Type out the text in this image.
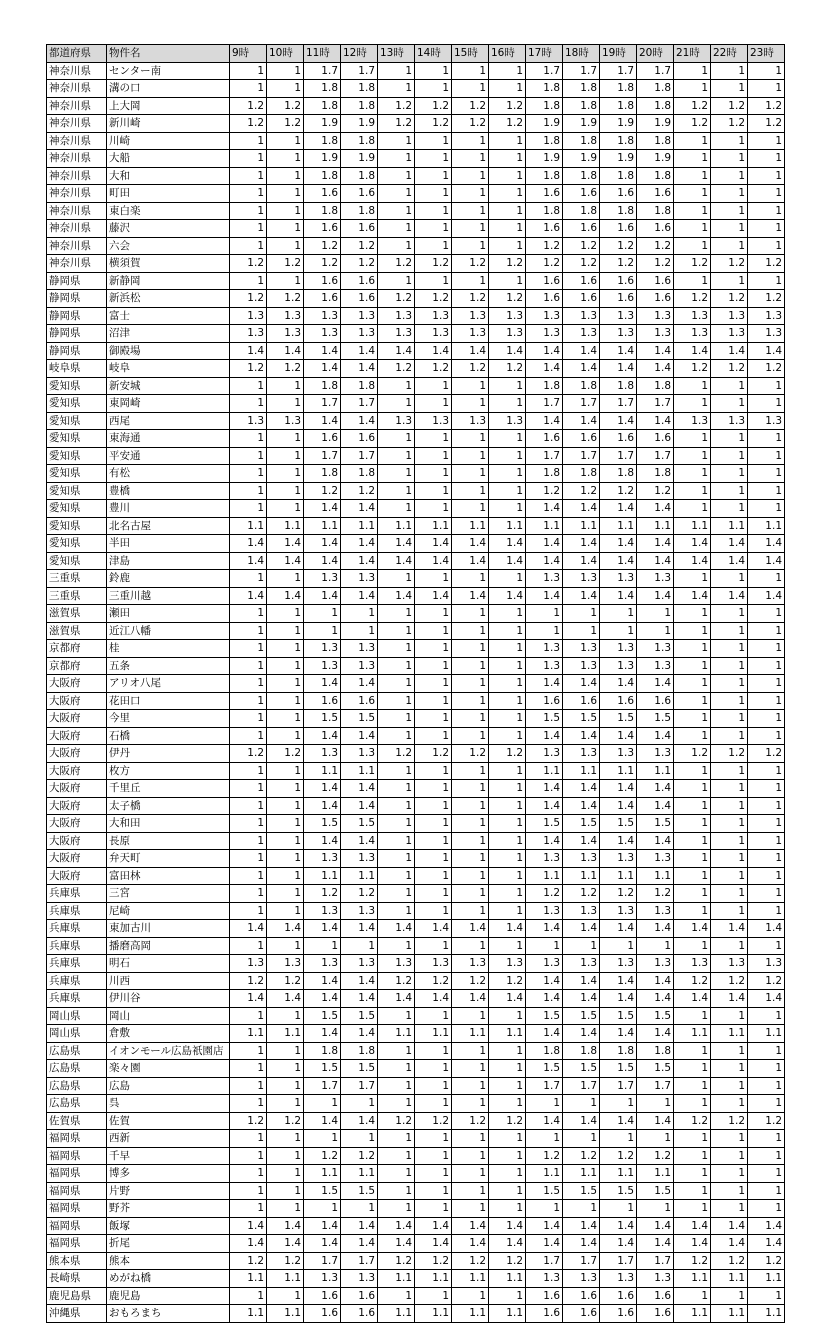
都道府県	物件名	9時	10時	11時	12時	13時	14時	15時	16時	17時	18時	19時	20時	21時	22時	23時
神奈川県	センター南	1	1	1.7	1.7	1	1	1	1	1.7	1.7	1.7	1.7	1	1	1
神奈川県	溝の口	1	1	1.8	1.8	1	1	1	1	1.8	1.8	1.8	1.8	1	1	1
神奈川県	上大岡	1.2	1.2	1.8	1.8	1.2	1.2	1.2	1.2	1.8	1.8	1.8	1.8	1.2	1.2	1.2
神奈川県	新川崎	1.2	1.2	1.9	1.9	1.2	1.2	1.2	1.2	1.9	1.9	1.9	1.9	1.2	1.2	1.2
神奈川県	川崎	1	1	1.8	1.8	1	1	1	1	1.8	1.8	1.8	1.8	1	1	1
神奈川県	大船	1	1	1.9	1.9	1	1	1	1	1.9	1.9	1.9	1.9	1	1	1
神奈川県	大和	1	1	1.8	1.8	1	1	1	1	1.8	1.8	1.8	1.8	1	1	1
神奈川県	町田	1	1	1.6	1.6	1	1	1	1	1.6	1.6	1.6	1.6	1	1	1
神奈川県	東白楽	1	1	1.8	1.8	1	1	1	1	1.8	1.8	1.8	1.8	1	1	1
神奈川県	藤沢	1	1	1.6	1.6	1	1	1	1	1.6	1.6	1.6	1.6	1	1	1
神奈川県	六会	1	1	1.2	1.2	1	1	1	1	1.2	1.2	1.2	1.2	1	1	1
神奈川県	横須賀	1.2	1.2	1.2	1.2	1.2	1.2	1.2	1.2	1.2	1.2	1.2	1.2	1.2	1.2	1.2
静岡県	新静岡	1	1	1.6	1.6	1	1	1	1	1.6	1.6	1.6	1.6	1	1	1
静岡県	新浜松	1.2	1.2	1.6	1.6	1.2	1.2	1.2	1.2	1.6	1.6	1.6	1.6	1.2	1.2	1.2
静岡県	富士	1.3	1.3	1.3	1.3	1.3	1.3	1.3	1.3	1.3	1.3	1.3	1.3	1.3	1.3	1.3
静岡県	沼津	1.3	1.3	1.3	1.3	1.3	1.3	1.3	1.3	1.3	1.3	1.3	1.3	1.3	1.3	1.3
静岡県	御殿場	1.4	1.4	1.4	1.4	1.4	1.4	1.4	1.4	1.4	1.4	1.4	1.4	1.4	1.4	1.4
岐阜県	岐阜	1.2	1.2	1.4	1.4	1.2	1.2	1.2	1.2	1.4	1.4	1.4	1.4	1.2	1.2	1.2
愛知県	新安城	1	1	1.8	1.8	1	1	1	1	1.8	1.8	1.8	1.8	1	1	1
愛知県	東岡崎	1	1	1.7	1.7	1	1	1	1	1.7	1.7	1.7	1.7	1	1	1
愛知県	西尾	1.3	1.3	1.4	1.4	1.3	1.3	1.3	1.3	1.4	1.4	1.4	1.4	1.3	1.3	1.3
愛知県	東海通	1	1	1.6	1.6	1	1	1	1	1.6	1.6	1.6	1.6	1	1	1
愛知県	平安通	1	1	1.7	1.7	1	1	1	1	1.7	1.7	1.7	1.7	1	1	1
愛知県	有松	1	1	1.8	1.8	1	1	1	1	1.8	1.8	1.8	1.8	1	1	1
愛知県	豊橋	1	1	1.2	1.2	1	1	1	1	1.2	1.2	1.2	1.2	1	1	1
愛知県	豊川	1	1	1.4	1.4	1	1	1	1	1.4	1.4	1.4	1.4	1	1	1
愛知県	北名古屋	1.1	1.1	1.1	1.1	1.1	1.1	1.1	1.1	1.1	1.1	1.1	1.1	1.1	1.1	1.1
愛知県	半田	1.4	1.4	1.4	1.4	1.4	1.4	1.4	1.4	1.4	1.4	1.4	1.4	1.4	1.4	1.4
愛知県	津島	1.4	1.4	1.4	1.4	1.4	1.4	1.4	1.4	1.4	1.4	1.4	1.4	1.4	1.4	1.4
三重県	鈴鹿	1	1	1.3	1.3	1	1	1	1	1.3	1.3	1.3	1.3	1	1	1
三重県	三重川越	1.4	1.4	1.4	1.4	1.4	1.4	1.4	1.4	1.4	1.4	1.4	1.4	1.4	1.4	1.4
滋賀県	瀬田	1	1	1	1	1	1	1	1	1	1	1	1	1	1	1
滋賀県	近江八幡	1	1	1	1	1	1	1	1	1	1	1	1	1	1	1
京都府	桂	1	1	1.3	1.3	1	1	1	1	1.3	1.3	1.3	1.3	1	1	1
京都府	五条	1	1	1.3	1.3	1	1	1	1	1.3	1.3	1.3	1.3	1	1	1
大阪府	アリオ八尾	1	1	1.4	1.4	1	1	1	1	1.4	1.4	1.4	1.4	1	1	1
大阪府	花田口	1	1	1.6	1.6	1	1	1	1	1.6	1.6	1.6	1.6	1	1	1
大阪府	今里	1	1	1.5	1.5	1	1	1	1	1.5	1.5	1.5	1.5	1	1	1
大阪府	石橋	1	1	1.4	1.4	1	1	1	1	1.4	1.4	1.4	1.4	1	1	1
大阪府	伊丹	1.2	1.2	1.3	1.3	1.2	1.2	1.2	1.2	1.3	1.3	1.3	1.3	1.2	1.2	1.2
大阪府	枚方	1	1	1.1	1.1	1	1	1	1	1.1	1.1	1.1	1.1	1	1	1
大阪府	千里丘	1	1	1.4	1.4	1	1	1	1	1.4	1.4	1.4	1.4	1	1	1
大阪府	太子橋	1	1	1.4	1.4	1	1	1	1	1.4	1.4	1.4	1.4	1	1	1
大阪府	大和田	1	1	1.5	1.5	1	1	1	1	1.5	1.5	1.5	1.5	1	1	1
大阪府	長原	1	1	1.4	1.4	1	1	1	1	1.4	1.4	1.4	1.4	1	1	1
大阪府	弁天町	1	1	1.3	1.3	1	1	1	1	1.3	1.3	1.3	1.3	1	1	1
大阪府	富田林	1	1	1.1	1.1	1	1	1	1	1.1	1.1	1.1	1.1	1	1	1
兵庫県	三宮	1	1	1.2	1.2	1	1	1	1	1.2	1.2	1.2	1.2	1	1	1
兵庫県	尼崎	1	1	1.3	1.3	1	1	1	1	1.3	1.3	1.3	1.3	1	1	1
兵庫県	東加古川	1.4	1.4	1.4	1.4	1.4	1.4	1.4	1.4	1.4	1.4	1.4	1.4	1.4	1.4	1.4
兵庫県	播磨高岡	1	1	1	1	1	1	1	1	1	1	1	1	1	1	1
兵庫県	明石	1.3	1.3	1.3	1.3	1.3	1.3	1.3	1.3	1.3	1.3	1.3	1.3	1.3	1.3	1.3
兵庫県	川西	1.2	1.2	1.4	1.4	1.2	1.2	1.2	1.2	1.4	1.4	1.4	1.4	1.2	1.2	1.2
兵庫県	伊川谷	1.4	1.4	1.4	1.4	1.4	1.4	1.4	1.4	1.4	1.4	1.4	1.4	1.4	1.4	1.4
岡山県	岡山	1	1	1.5	1.5	1	1	1	1	1.5	1.5	1.5	1.5	1	1	1
岡山県	倉敷	1.1	1.1	1.4	1.4	1.1	1.1	1.1	1.1	1.4	1.4	1.4	1.4	1.1	1.1	1.1
広島県	イオンモール広島祇園店	1	1	1.8	1.8	1	1	1	1	1.8	1.8	1.8	1.8	1	1	1
広島県	楽々園	1	1	1.5	1.5	1	1	1	1	1.5	1.5	1.5	1.5	1	1	1
広島県	広島	1	1	1.7	1.7	1	1	1	1	1.7	1.7	1.7	1.7	1	1	1
広島県	呉	1	1	1	1	1	1	1	1	1	1	1	1	1	1	1
佐賀県	佐賀	1.2	1.2	1.4	1.4	1.2	1.2	1.2	1.2	1.4	1.4	1.4	1.4	1.2	1.2	1.2
福岡県	西新	1	1	1	1	1	1	1	1	1	1	1	1	1	1	1
福岡県	千早	1	1	1.2	1.2	1	1	1	1	1.2	1.2	1.2	1.2	1	1	1
福岡県	博多	1	1	1.1	1.1	1	1	1	1	1.1	1.1	1.1	1.1	1	1	1
福岡県	片野	1	1	1.5	1.5	1	1	1	1	1.5	1.5	1.5	1.5	1	1	1
福岡県	野芥	1	1	1	1	1	1	1	1	1	1	1	1	1	1	1
福岡県	飯塚	1.4	1.4	1.4	1.4	1.4	1.4	1.4	1.4	1.4	1.4	1.4	1.4	1.4	1.4	1.4
福岡県	折尾	1.4	1.4	1.4	1.4	1.4	1.4	1.4	1.4	1.4	1.4	1.4	1.4	1.4	1.4	1.4
熊本県	熊本	1.2	1.2	1.7	1.7	1.2	1.2	1.2	1.2	1.7	1.7	1.7	1.7	1.2	1.2	1.2
長崎県	めがね橋	1.1	1.1	1.3	1.3	1.1	1.1	1.1	1.1	1.3	1.3	1.3	1.3	1.1	1.1	1.1
鹿児島県	鹿児島	1	1	1.6	1.6	1	1	1	1	1.6	1.6	1.6	1.6	1	1	1
沖縄県	おもろまち	1.1	1.1	1.6	1.6	1.1	1.1	1.1	1.1	1.6	1.6	1.6	1.6	1.1	1.1	1.1
